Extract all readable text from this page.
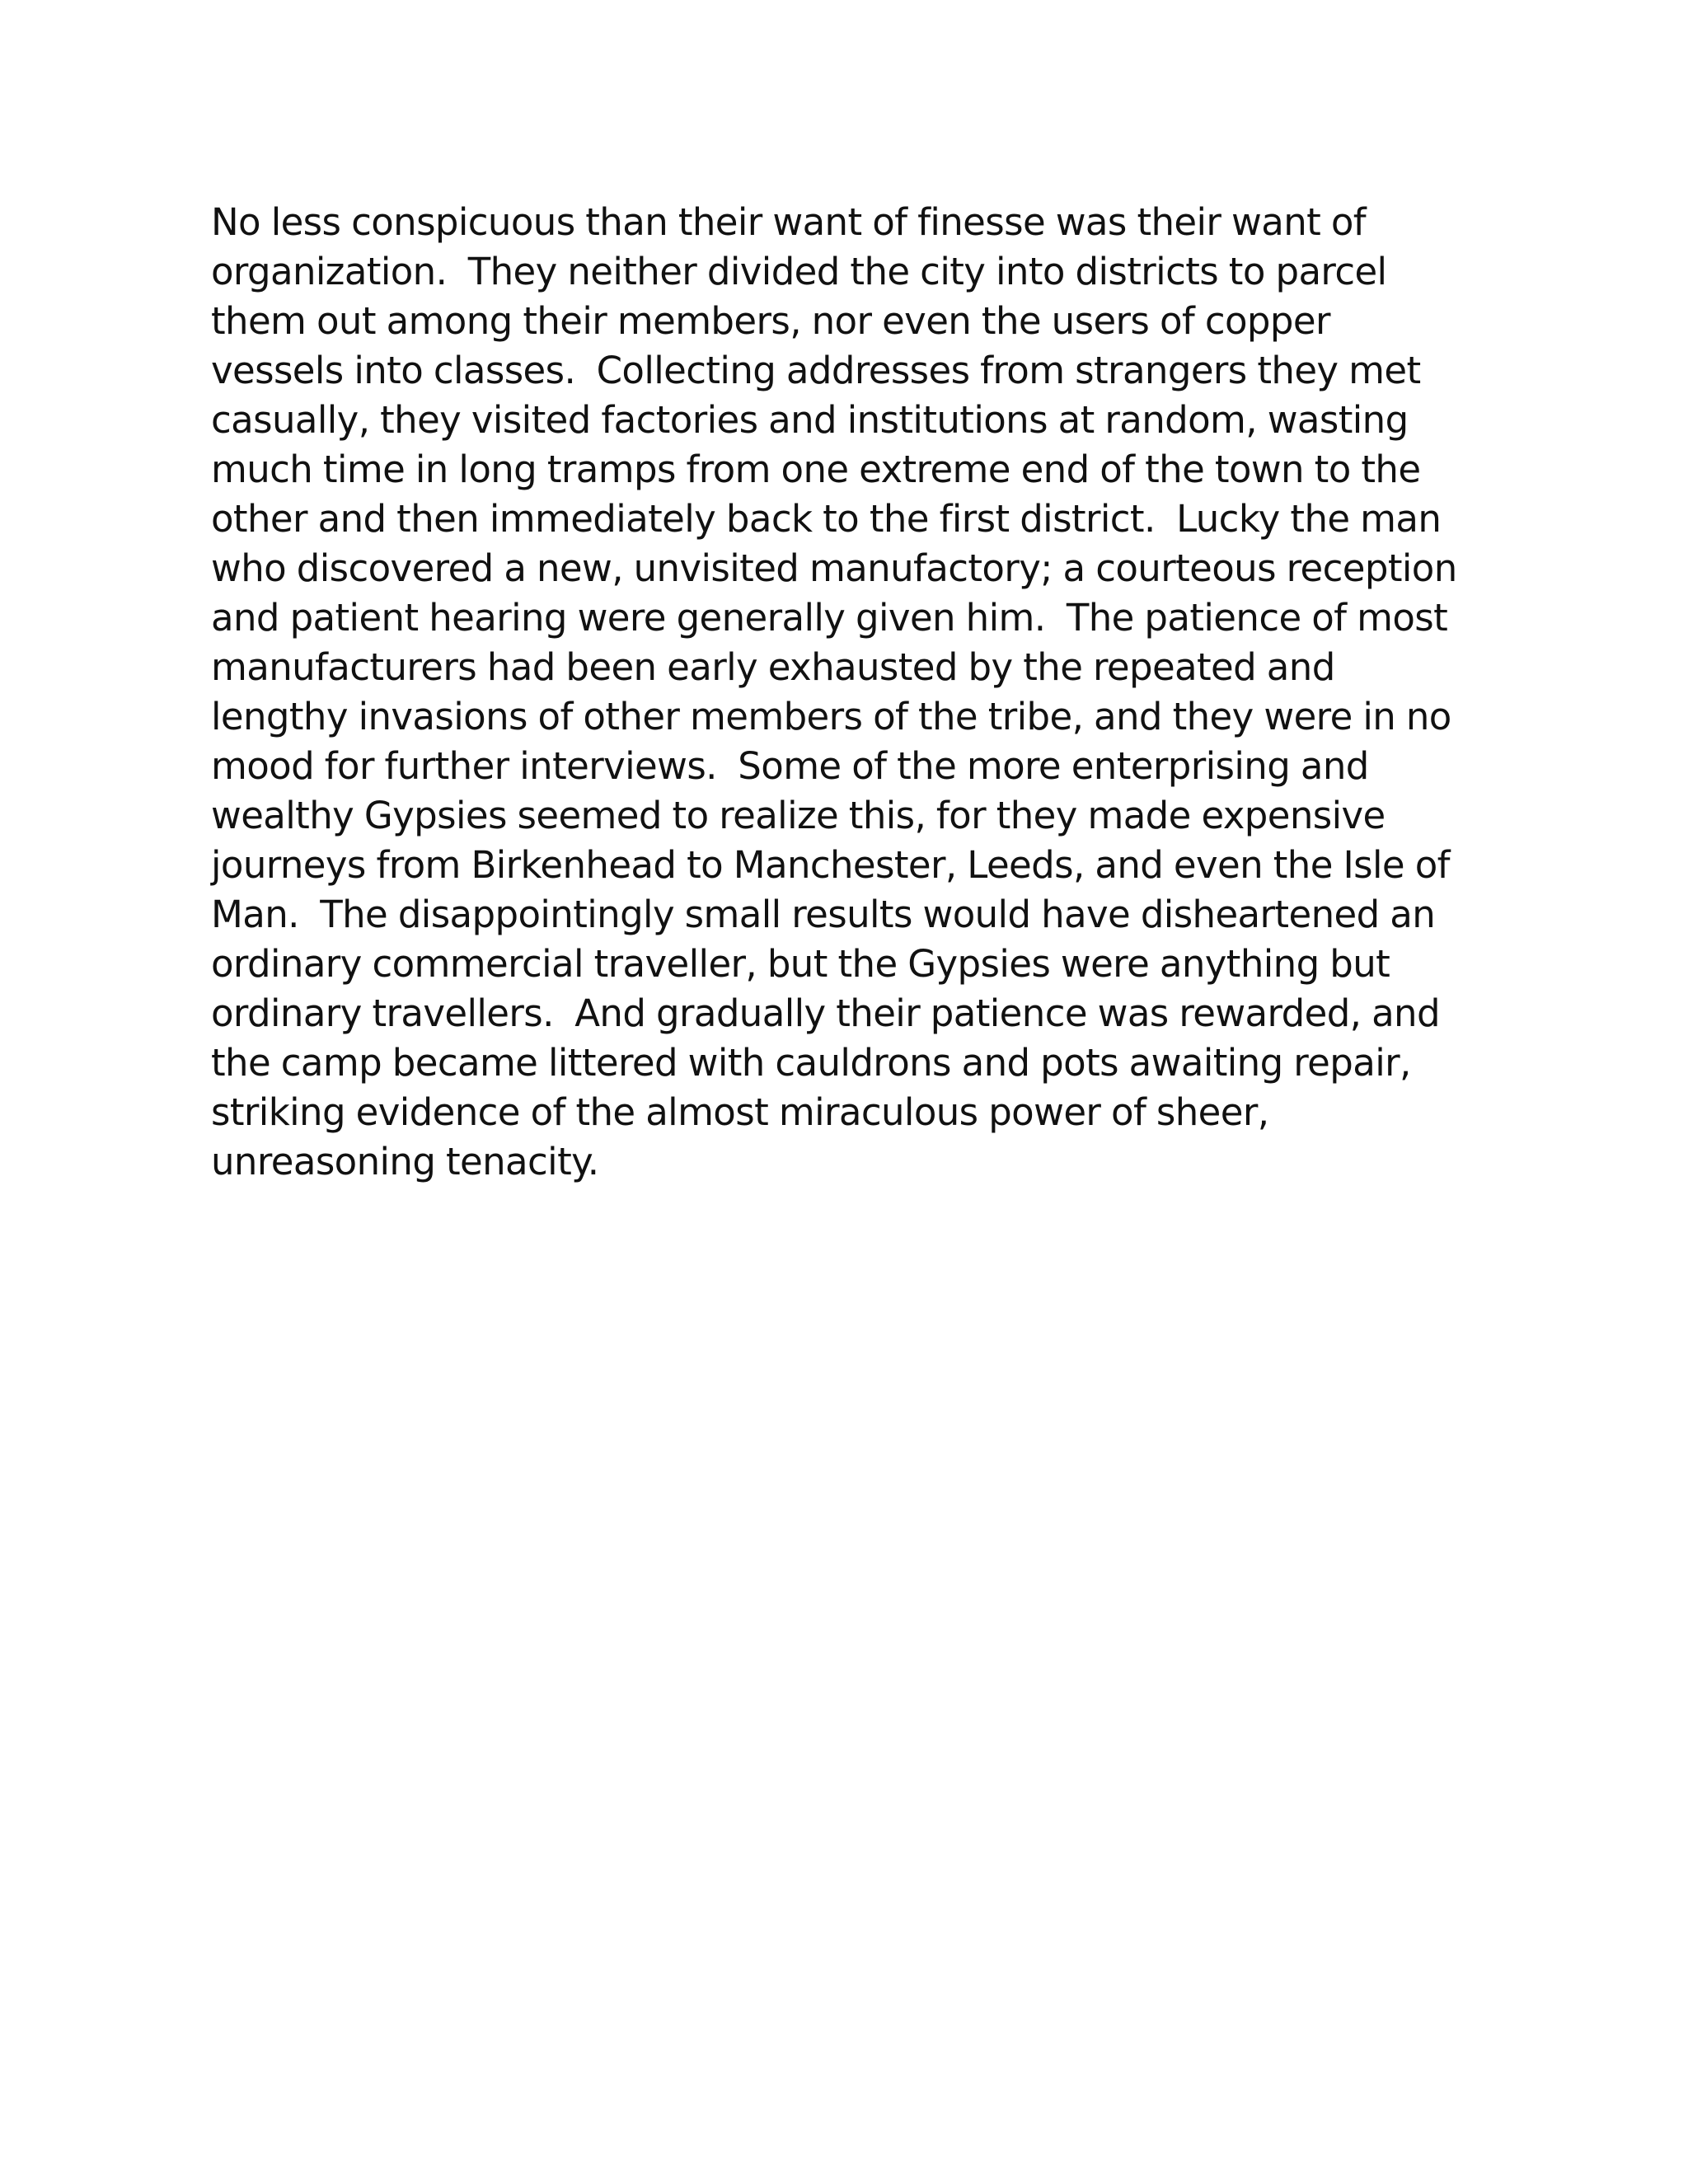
No less conspicuous than their want of finesse was their want of
organization.  They neither divided the city into districts to parcel
them out among their members, nor even the users of copper
vessels into classes.  Collecting addresses from strangers they met
casually, they visited factories and institutions at random, wasting
much time in long tramps from one extreme end of the town to the
other and then immediately back to the first district.  Lucky the man
who discovered a new, unvisited manufactory; a courteous reception
and patient hearing were generally given him.  The patience of most
manufacturers had been early exhausted by the repeated and
lengthy invasions of other members of the tribe, and they were in no
mood for further interviews.  Some of the more enterprising and
wealthy Gypsies seemed to realize this, for they made expensive
journeys from Birkenhead to Manchester, Leeds, and even the Isle of
Man.  The disappointingly small results would have disheartened an
ordinary commercial traveller, but the Gypsies were anything but
ordinary travellers.  And gradually their patience was rewarded, and
the camp became littered with cauldrons and pots awaiting repair,
striking evidence of the almost miraculous power of sheer,
unreasoning tenacity.
